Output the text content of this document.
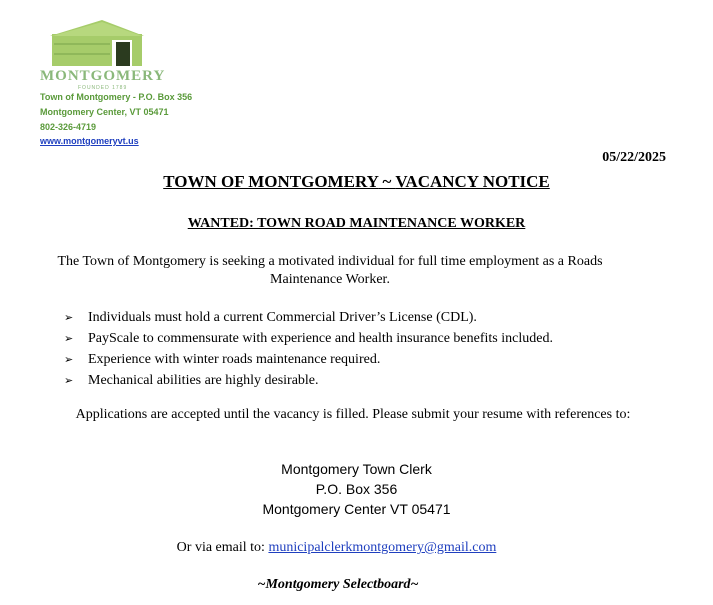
MONTGOMERY
FOUNDED 1789
Town of Montgomery - P.O. Box 356
Montgomery Center, VT 05471
802-326-4719
www.montgomeryvt.us
05/22/2025
TOWN OF MONTGOMERY ~ VACANCY NOTICE
WANTED: TOWN ROAD MAINTENANCE WORKER
The Town of Montgomery is seeking a motivated individual for full time employment as a Roads Maintenance Worker.
➢ Individuals must hold a current Commercial Driver’s License (CDL).
➢ PayScale to commensurate with experience and health insurance benefits included.
➢ Experience with winter roads maintenance required.
➢ Mechanical abilities are highly desirable.
Applications are accepted until the vacancy is filled. Please submit your resume with references to:
Montgomery Town Clerk
P.O. Box 356
Montgomery Center VT 05471
Or via email to: municipalclerkmontgomery@gmail.com
~Montgomery Selectboard~
